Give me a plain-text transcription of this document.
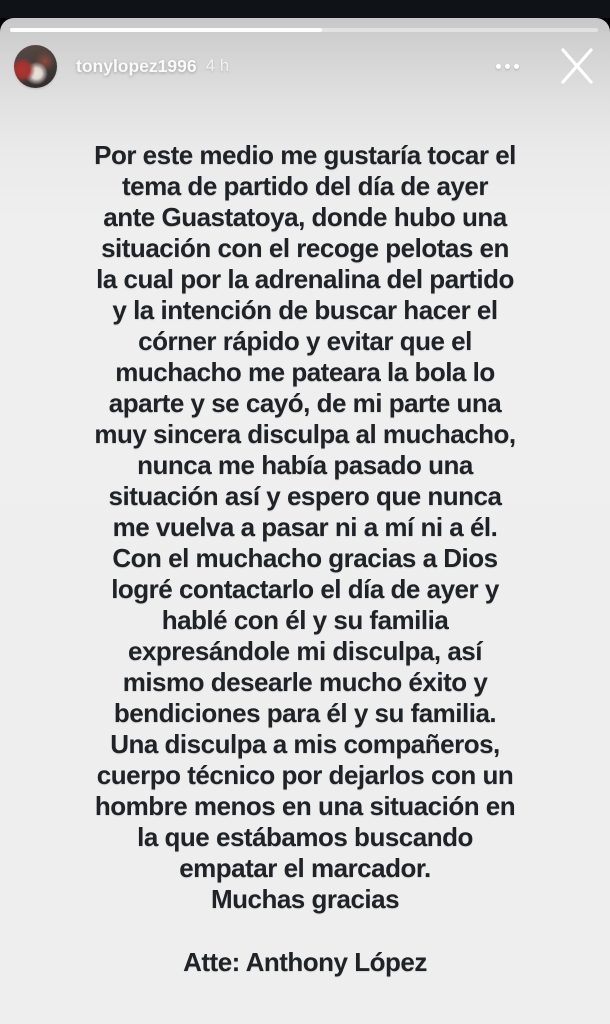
tonylopez1996 4 h
Por este medio me gustaría tocar el
tema de partido del día de ayer
ante Guastatoya, donde hubo una
situación con el recoge pelotas en
la cual por la adrenalina del partido
y la intención de buscar hacer el
córner rápido y evitar que el
muchacho me pateara la bola lo
aparte y se cayó, de mi parte una
muy sincera disculpa al muchacho,
nunca me había pasado una
situación así y espero que nunca
me vuelva a pasar ni a mí ni a él.
Con el muchacho gracias a Dios
logré contactarlo el día de ayer y
hablé con él y su familia
expresándole mi disculpa, así
mismo desearle mucho éxito y
bendiciones para él y su familia.
Una disculpa a mis compañeros,
cuerpo técnico por dejarlos con un
hombre menos en una situación en
la que estábamos buscando
empatar el marcador.
Muchas gracias
Atte: Anthony López
